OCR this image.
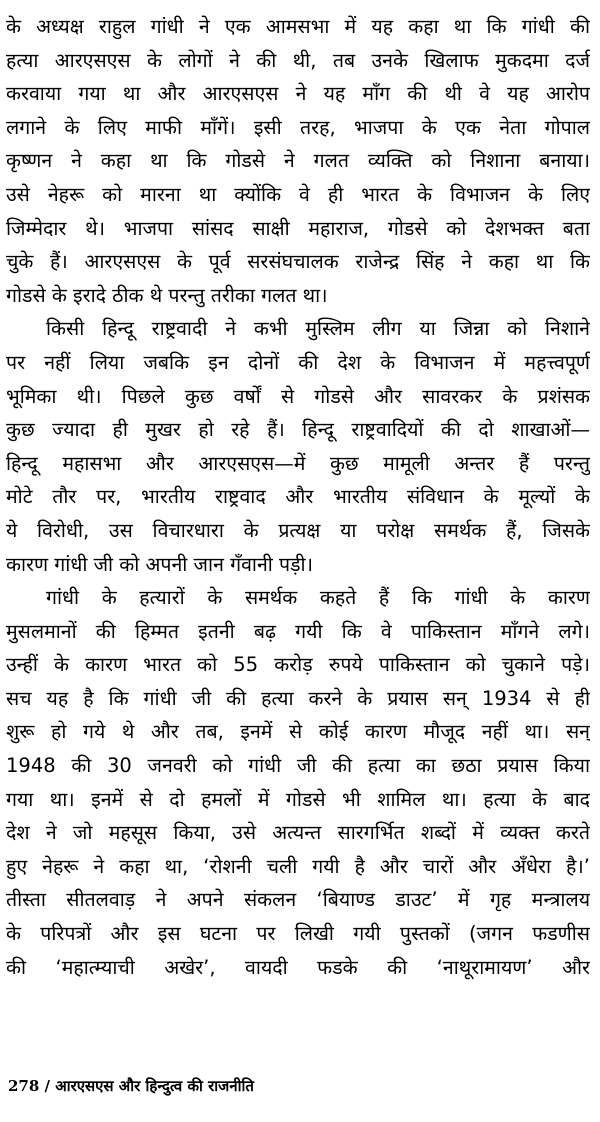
के अध्यक्ष राहुल गांधी ने एक आमसभा में यह कहा था कि गांधी की
हत्या आरएसएस के लोगों ने की थी, तब उनके खिलाफ मुकदमा दर्ज
करवाया गया था और आरएसएस ने यह माँग की थी वे यह आरोप
लगाने के लिए माफी माँगें। इसी तरह, भाजपा के एक नेता गोपाल
कृष्णन ने कहा था कि गोडसे ने गलत व्यक्ति को निशाना बनाया।
उसे नेहरू को मारना था क्योंकि वे ही भारत के विभाजन के लिए
जिम्मेदार थे। भाजपा सांसद साक्षी महाराज, गोडसे को देशभक्त बता
चुके हैं। आरएसएस के पूर्व सरसंघचालक राजेन्द्र सिंह ने कहा था कि
गोडसे के इरादे ठीक थे परन्तु तरीका गलत था।
किसी हिन्दू राष्ट्रवादी ने कभी मुस्लिम लीग या जिन्ना को निशाने
पर नहीं लिया जबकि इन दोनों की देश के विभाजन में महत्त्वपूर्ण
भूमिका थी। पिछले कुछ वर्षों से गोडसे और सावरकर के प्रशंसक
कुछ ज्यादा ही मुखर हो रहे हैं। हिन्दू राष्ट्रवादियों की दो शाखाओं—
हिन्दू महासभा और आरएसएस—में कुछ मामूली अन्तर हैं परन्तु
मोटे तौर पर, भारतीय राष्ट्रवाद और भारतीय संविधान के मूल्यों के
ये विरोधी, उस विचारधारा के प्रत्यक्ष या परोक्ष समर्थक हैं, जिसके
कारण गांधी जी को अपनी जान गँवानी पड़ी।
गांधी के हत्यारों के समर्थक कहते हैं कि गांधी के कारण
मुसलमानों की हिम्मत इतनी बढ़ गयी कि वे पाकिस्तान माँगने लगे।
उन्हीं के कारण भारत को 55 करोड़ रुपये पाकिस्तान को चुकाने पड़े।
सच यह है कि गांधी जी की हत्या करने के प्रयास सन् 1934 से ही
शुरू हो गये थे और तब, इनमें से कोई कारण मौजूद नहीं था। सन्
1948 की 30 जनवरी को गांधी जी की हत्या का छठा प्रयास किया
गया था। इनमें से दो हमलों में गोडसे भी शामिल था। हत्या के बाद
देश ने जो महसूस किया, उसे अत्यन्त सारगर्भित शब्दों में व्यक्त करते
हुए नेहरू ने कहा था, ‘रोशनी चली गयी है और चारों और अँधेरा है।’
तीस्ता सीतलवाड़ ने अपने संकलन ‘बियाण्ड डाउट’ में गृह मन्त्रालय
के परिपत्रों और इस घटना पर लिखी गयी पुस्तकों (जगन फडणीस
की ‘महात्म्याची अखेर’, वायदी फडके की ‘नाथूरामायण’ और
278 / आरएसएस और हिन्दुत्व की राजनीति
